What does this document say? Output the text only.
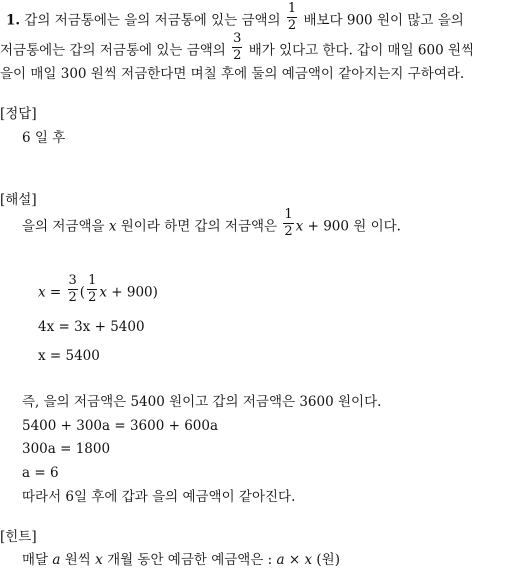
1. 갑의 저금통에는 을의 저금통에 있는 금액의 $\frac{1}{2}$ 배보다 900 원이 많고 을의
저금통에는 갑의 저금통에 있는 금액의 $\frac{3}{2}$ 배가 있다고 한다. 갑이 매일 600 원씩
을이 매일 300 원씩 저금한다면 며칠 후에 둘의 예금액이 같아지는지 구하여라.
[정답]
6 일 후
[해설]
을의 저금액을 x 원이라 하면 갑의 저금액은 $\frac{1}{2}$ x + 900 원 이다.
$x = \frac{3}{2}$ ( $\frac{1}{2}$ x + 900)
4x = 3x + 5400
x = 5400
즉, 을의 저금액은 5400 원이고 갑의 저금액은 3600 원이다.
5400 + 300a = 3600 + 600a
300a = 1800
a = 6
따라서 6일 후에 갑과 을의 예금액이 같아진다.
[힌트]
매달 a 원씩 x 개월 동안 예금한 예금액은 : a × x (원)
